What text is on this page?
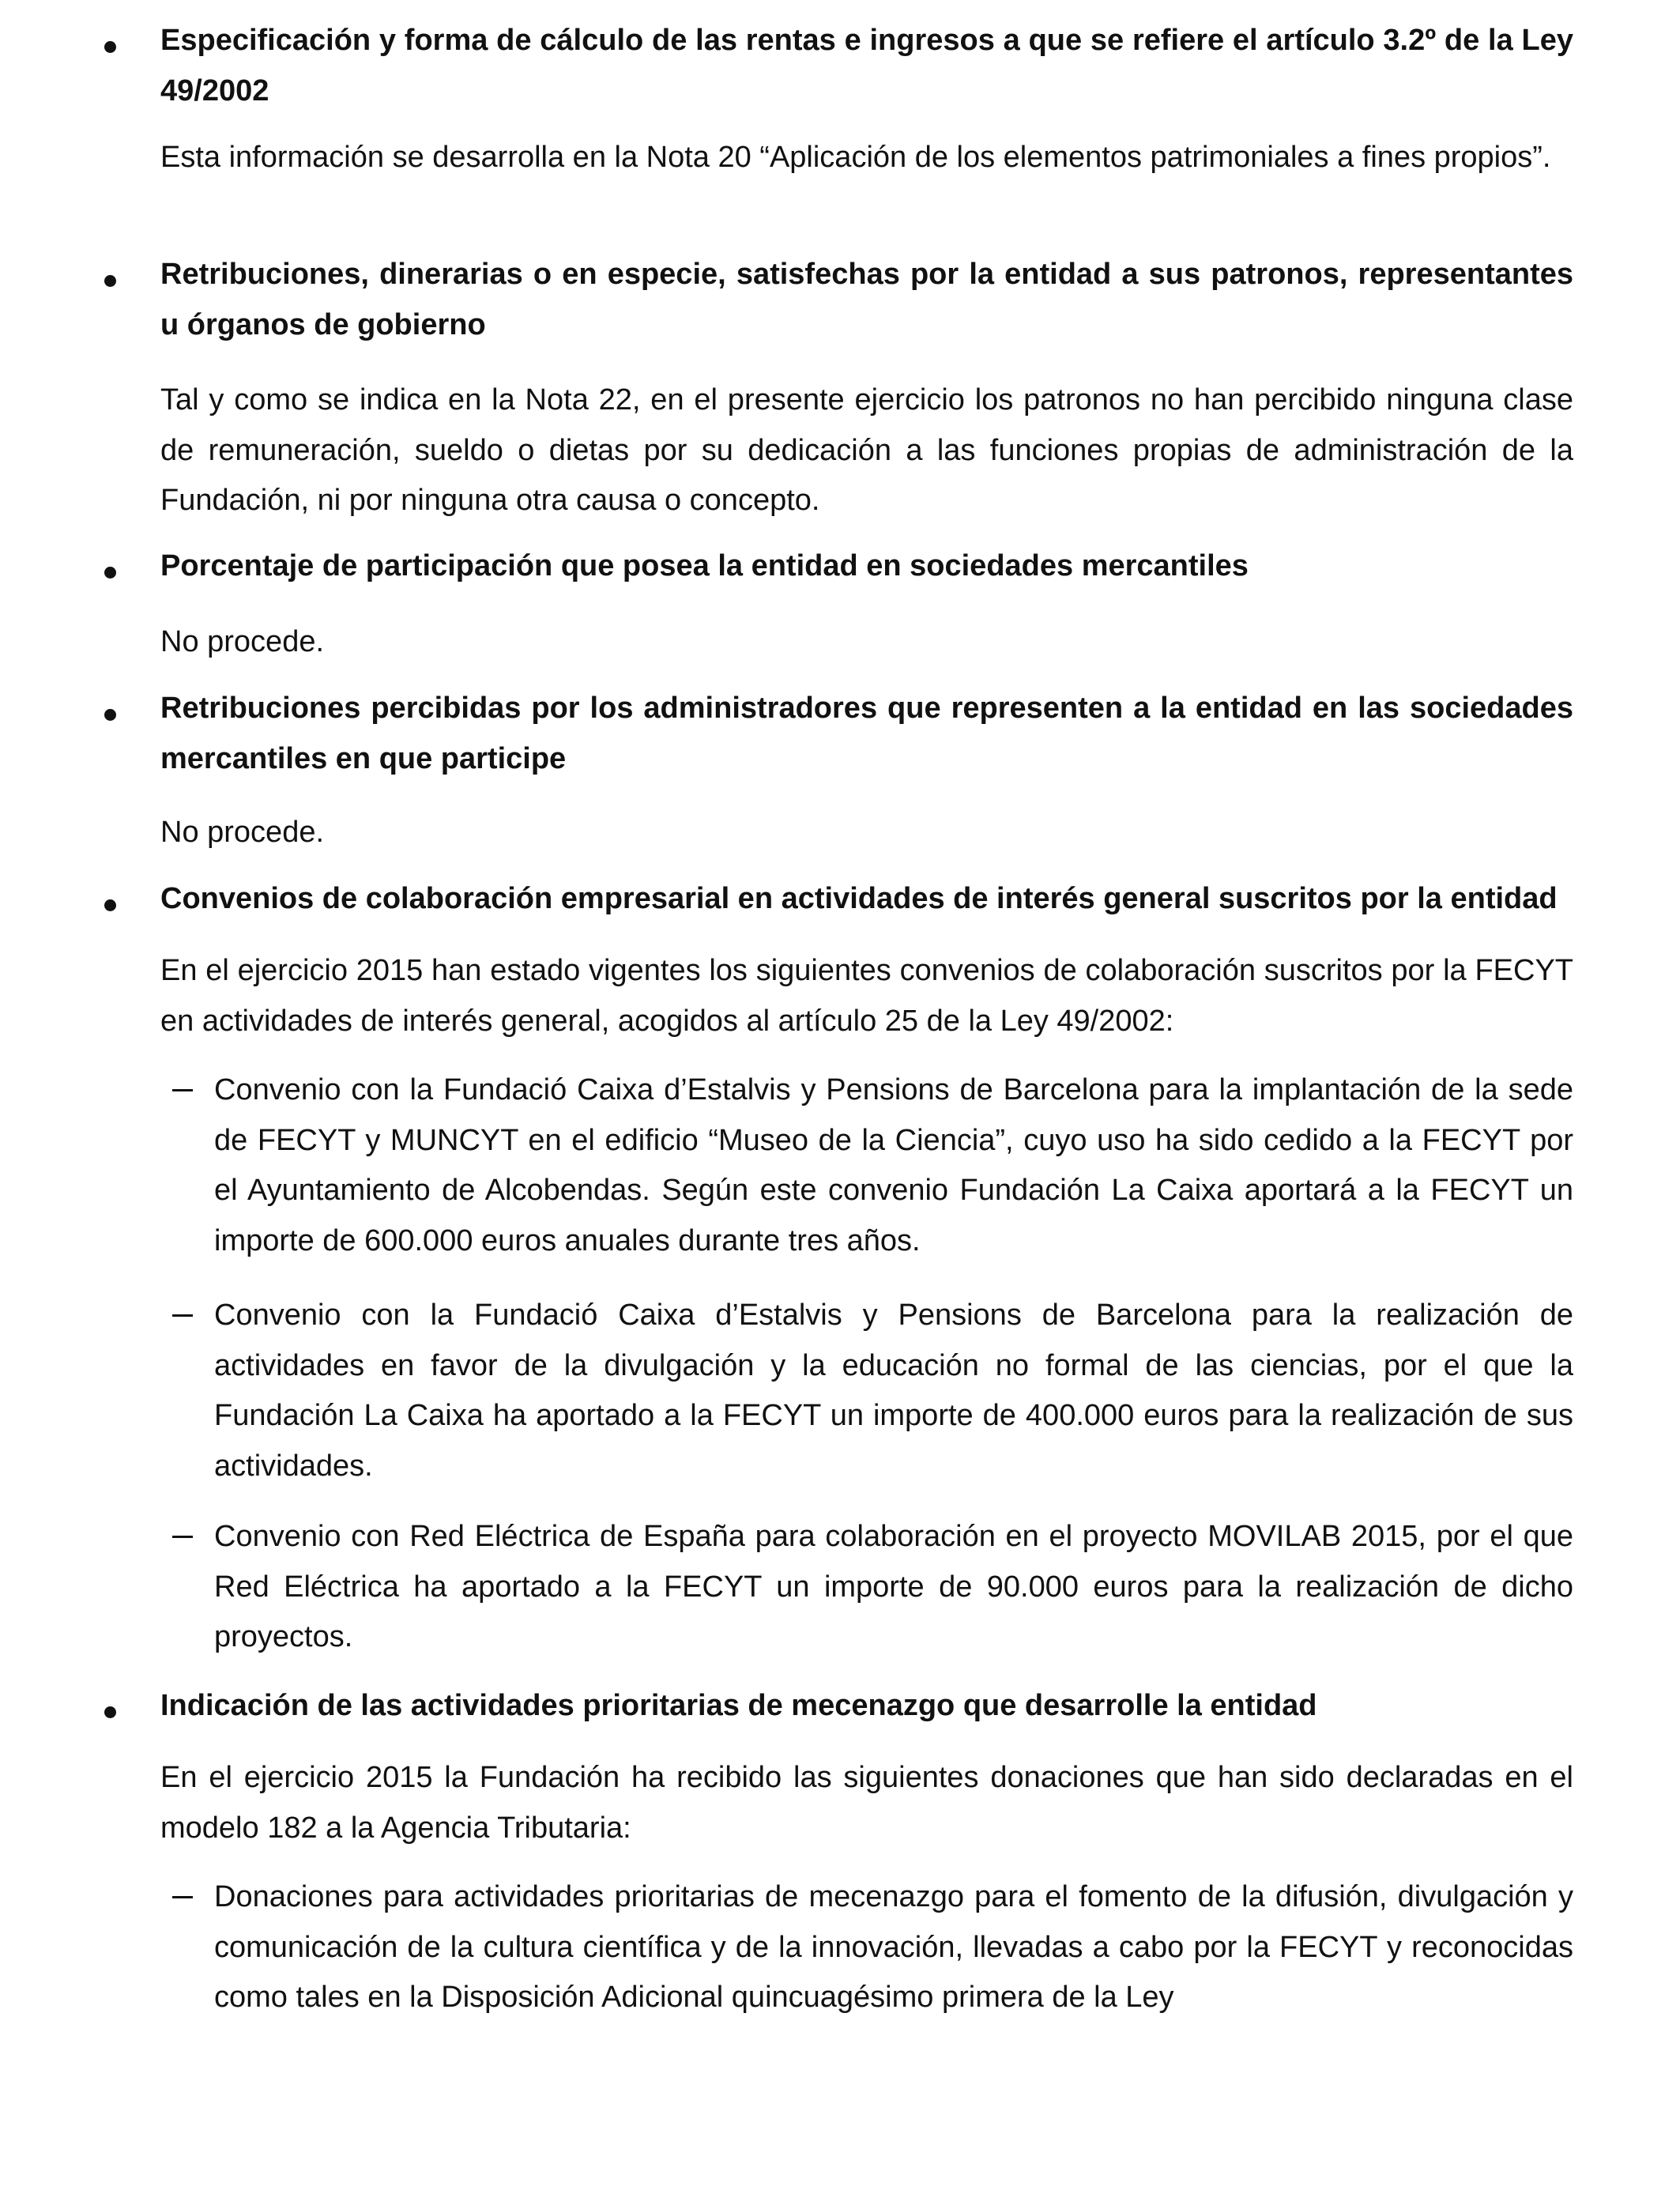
Especificación y forma de cálculo de las rentas e ingresos a que se refiere el artículo 3.2º de la Ley 49/2002

Esta información se desarrolla en la Nota 20 “Aplicación de los elementos patrimoniales a fines propios”.

Retribuciones, dinerarias o en especie, satisfechas por la entidad a sus patronos, representantes u órganos de gobierno

Tal y como se indica en la Nota 22, en el presente ejercicio los patronos no han percibido ninguna clase de remuneración, sueldo o dietas por su dedicación a las funciones propias de administración de la Fundación, ni por ninguna otra causa o concepto.

Porcentaje de participación que posea la entidad en sociedades mercantiles

No procede.

Retribuciones percibidas por los administradores que representen a la entidad en las sociedades mercantiles en que participe

No procede.

Convenios de colaboración empresarial en actividades de interés general suscritos por la entidad

En el ejercicio 2015 han estado vigentes los siguientes convenios de colaboración suscritos por la FECYT en actividades de interés general, acogidos al artículo 25 de la Ley 49/2002:

Convenio con la Fundació Caixa d’Estalvis y Pensions de Barcelona para la implantación de la sede de FECYT y MUNCYT en el edificio “Museo de la Ciencia”, cuyo uso ha sido cedido a la FECYT por el Ayuntamiento de Alcobendas. Según este convenio Fundación La Caixa aportará a la FECYT un importe de 600.000 euros anuales durante tres años.

Convenio con la Fundació Caixa d’Estalvis y Pensions de Barcelona para la realización de actividades en favor de la divulgación y la educación no formal de las ciencias, por el que la Fundación La Caixa ha aportado a la FECYT un importe de 400.000 euros para la realización de sus actividades.

Convenio con Red Eléctrica de España para colaboración en el proyecto MOVILAB 2015, por el que Red Eléctrica ha aportado a la FECYT un importe de 90.000 euros para la realización de dicho proyectos.

Indicación de las actividades prioritarias de mecenazgo que desarrolle la entidad

En el ejercicio 2015 la Fundación ha recibido las siguientes donaciones que han sido declaradas en el modelo 182 a la Agencia Tributaria:

Donaciones para actividades prioritarias de mecenazgo para el fomento de la difusión, divulgación y comunicación de la cultura científica y de la innovación, llevadas a cabo por la FECYT y reconocidas como tales en la Disposición Adicional quincuagésimo primera de la Ley
